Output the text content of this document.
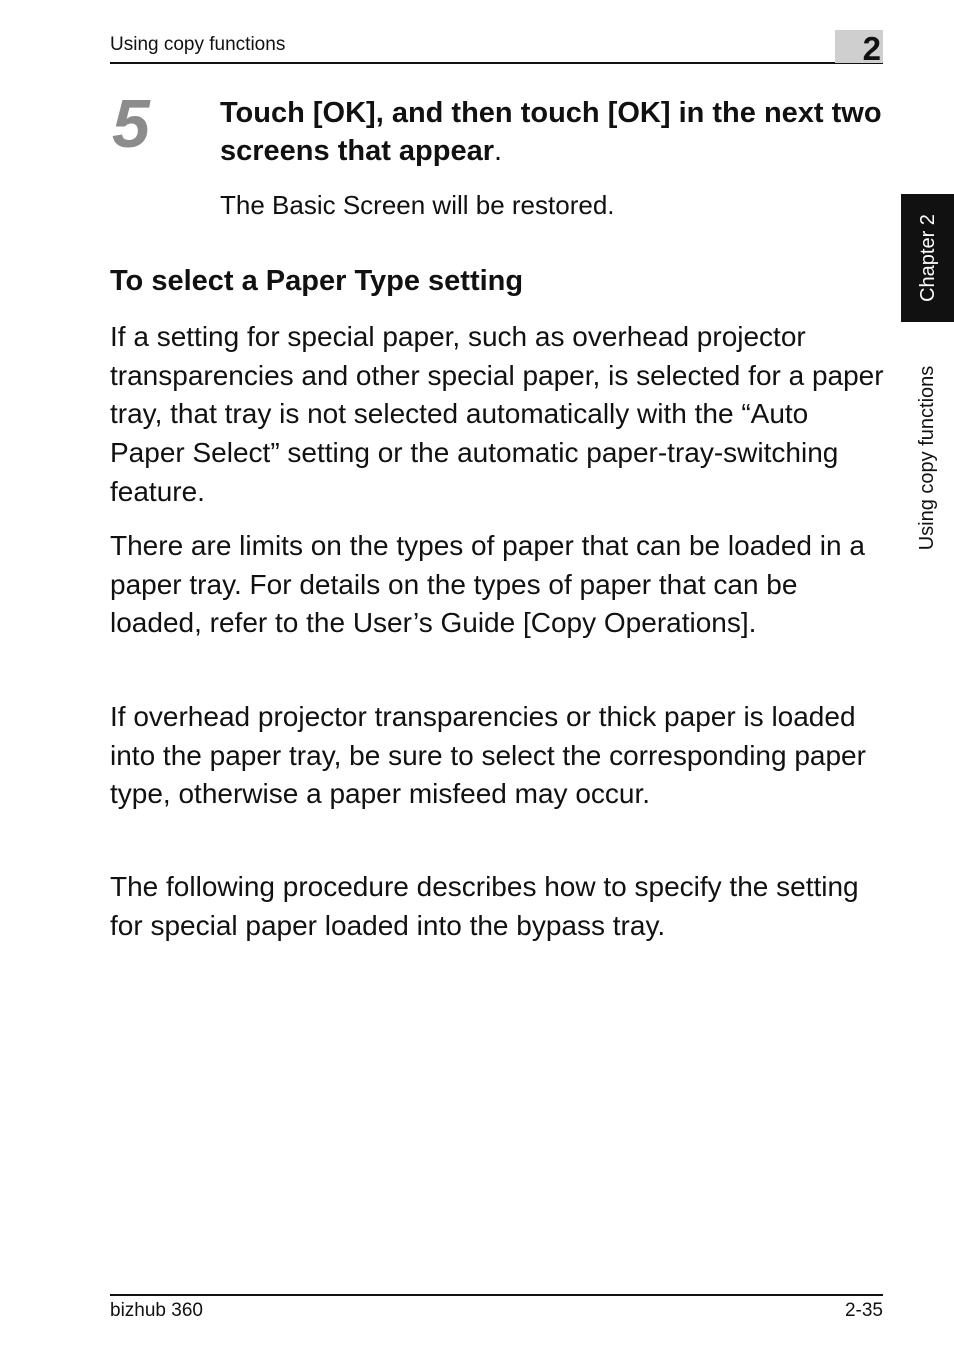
Using copy functions	2
5 Touch [OK], and then touch [OK] in the next two screens that appear.
The Basic Screen will be restored.
To select a Paper Type setting

If a setting for special paper, such as overhead projector transparencies and other special paper, is selected for a paper tray, that tray is not selected automatically with the “Auto Paper Select” setting or the automatic paper-tray-switching feature.

There are limits on the types of paper that can be loaded in a paper tray. For details on the types of paper that can be loaded, refer to the User’s Guide [Copy Operations].

If overhead projector transparencies or thick paper is loaded into the paper tray, be sure to select the corresponding paper type, otherwise a paper misfeed may occur.

The following procedure describes how to specify the setting for special paper loaded into the bypass tray.

Chapter 2
Using copy functions
bizhub 360	2-35
